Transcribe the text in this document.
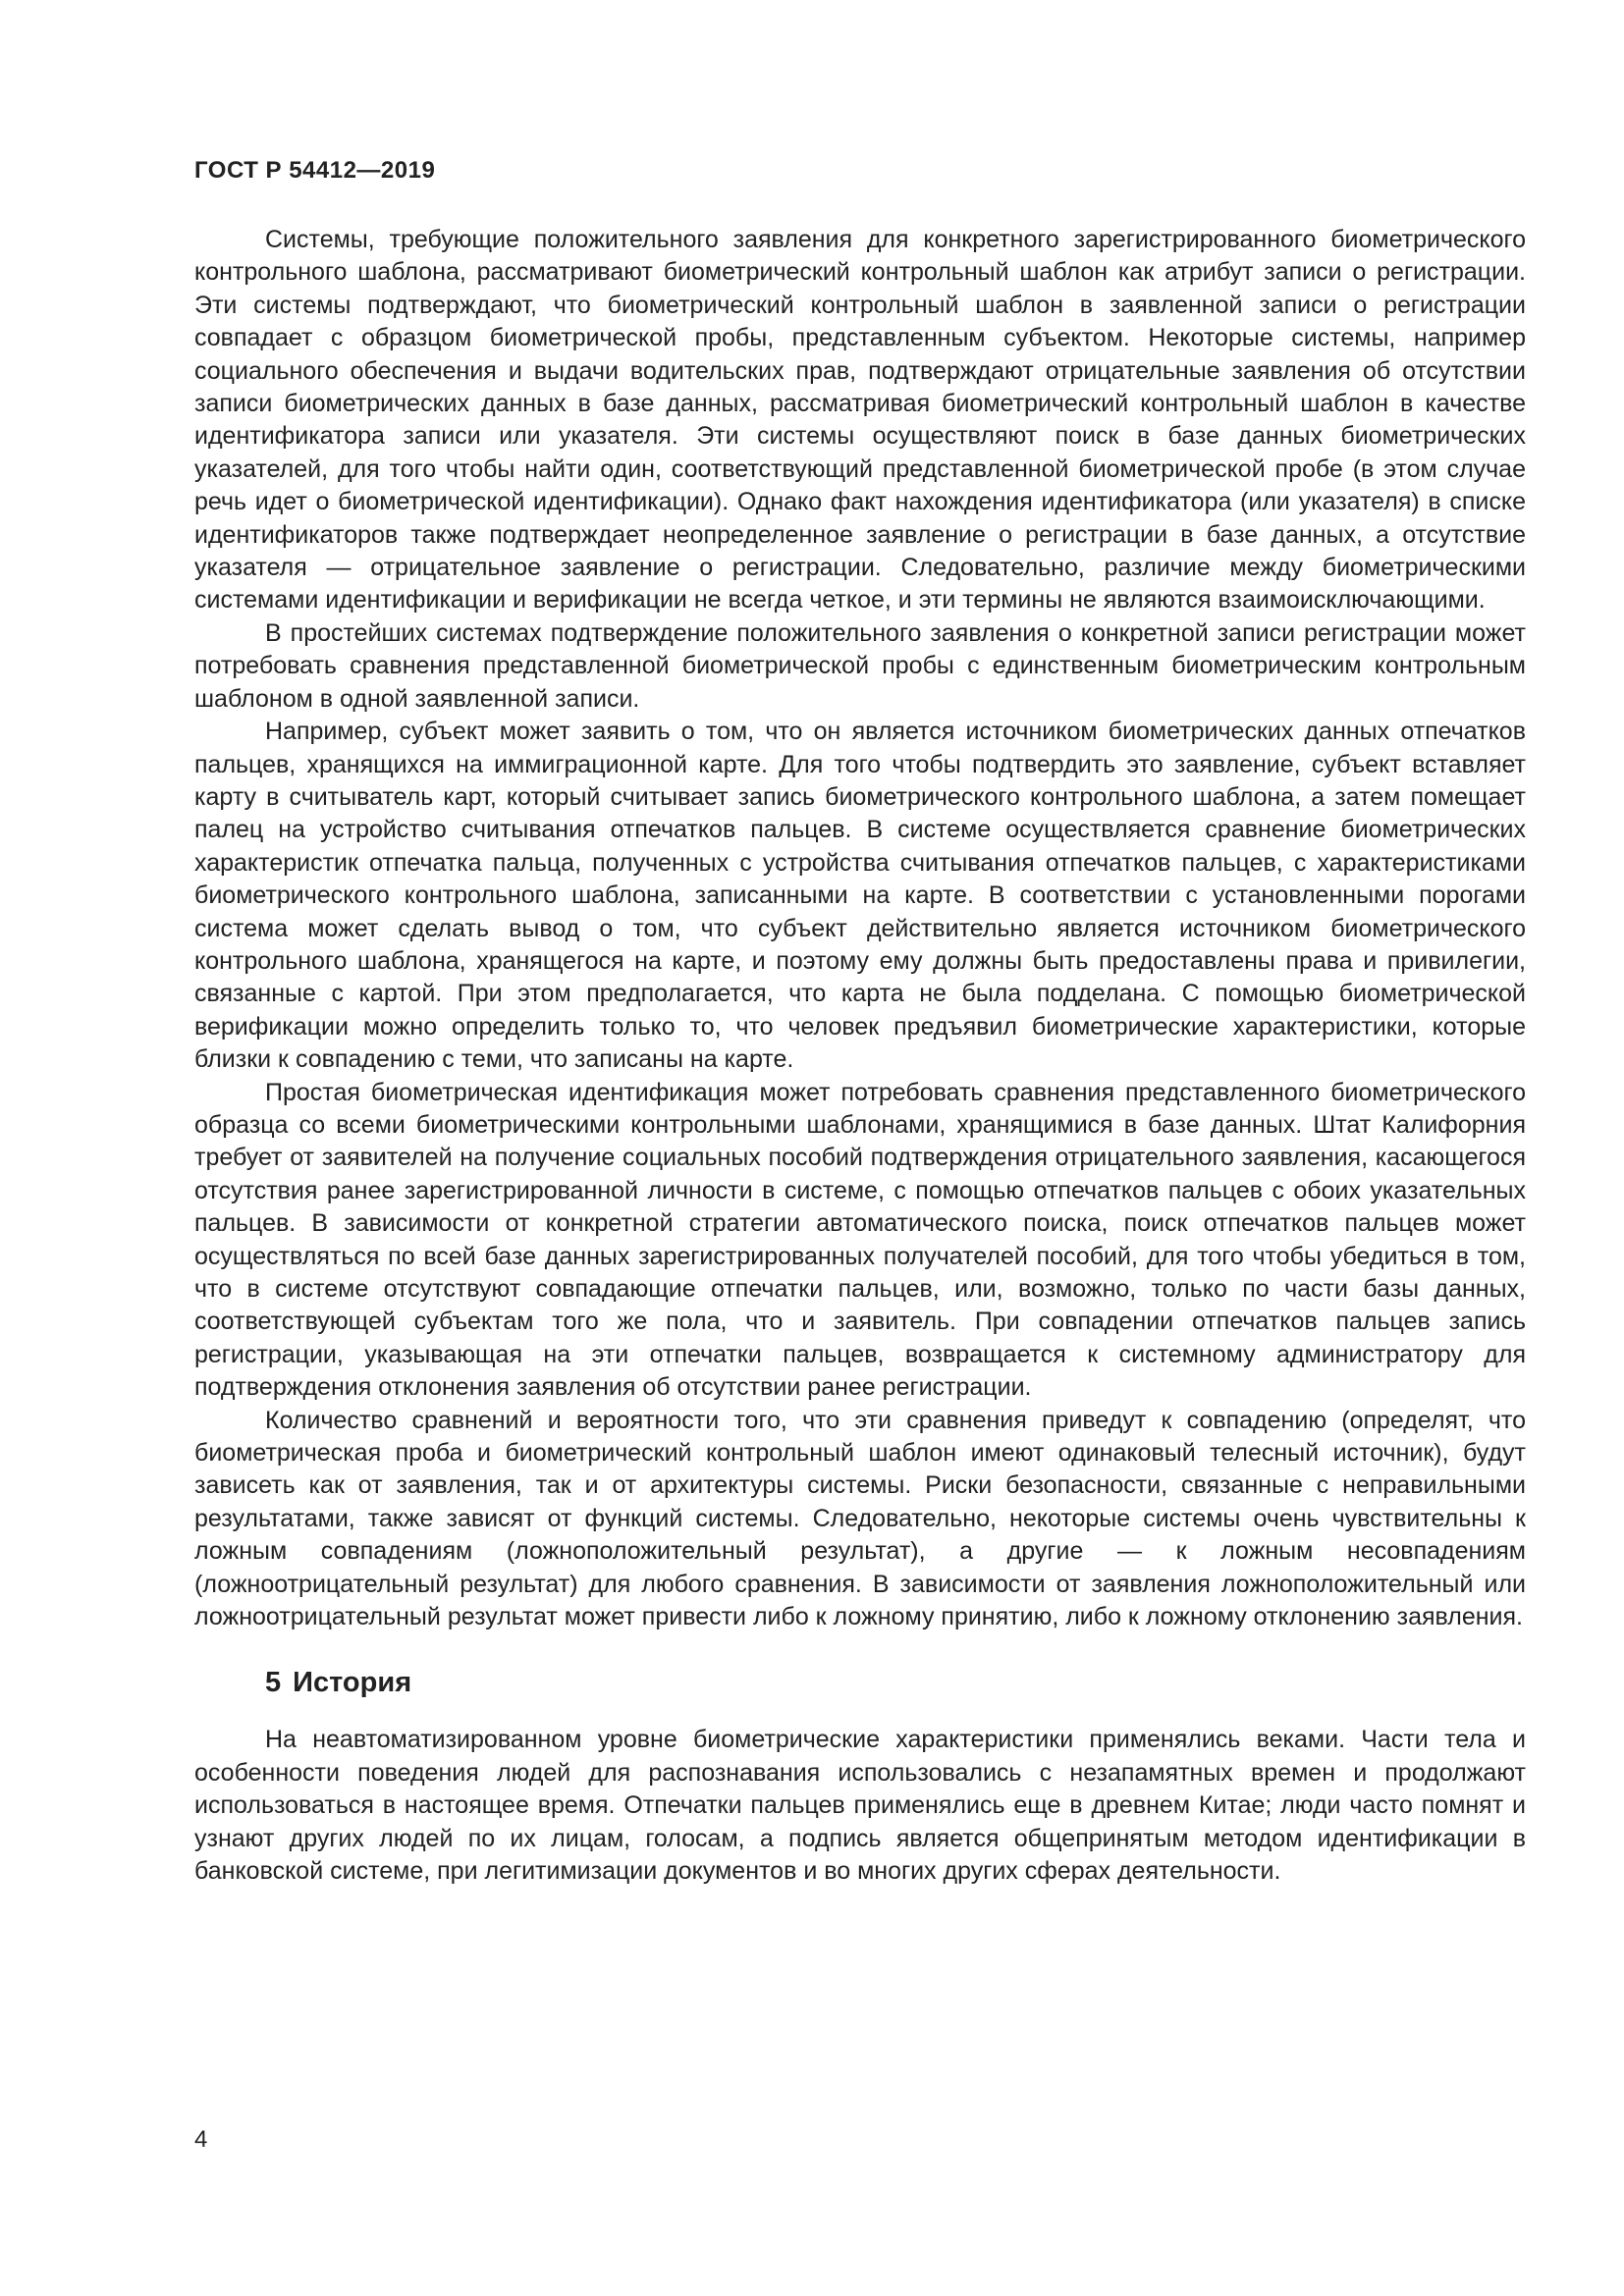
ГОСТ Р 54412—2019

Системы, требующие положительного заявления для конкретного зарегистрированного биометрического контрольного шаблона, рассматривают биометрический контрольный шаблон как атрибут записи о регистрации. Эти системы подтверждают, что биометрический контрольный шаблон в заявленной записи о регистрации совпадает с образцом биометрической пробы, представленным субъектом. Некоторые системы, например социального обеспечения и выдачи водительских прав, подтверждают отрицательные заявления об отсутствии записи биометрических данных в базе данных, рассматривая биометрический контрольный шаблон в качестве идентификатора записи или указателя. Эти системы осуществляют поиск в базе данных биометрических указателей, для того чтобы найти один, соответствующий представленной биометрической пробе (в этом случае речь идет о биометрической идентификации). Однако факт нахождения идентификатора (или указателя) в списке идентификаторов также подтверждает неопределенное заявление о регистрации в базе данных, а отсутствие указателя — отрицательное заявление о регистрации. Следовательно, различие между биометрическими системами идентификации и верификации не всегда четкое, и эти термины не являются взаимоисключающими.

В простейших системах подтверждение положительного заявления о конкретной записи регистрации может потребовать сравнения представленной биометрической пробы с единственным биометрическим контрольным шаблоном в одной заявленной записи.

Например, субъект может заявить о том, что он является источником биометрических данных отпечатков пальцев, хранящихся на иммиграционной карте. Для того чтобы подтвердить это заявление, субъект вставляет карту в считыватель карт, который считывает запись биометрического контрольного шаблона, а затем помещает палец на устройство считывания отпечатков пальцев. В системе осуществляется сравнение биометрических характеристик отпечатка пальца, полученных с устройства считывания отпечатков пальцев, с характеристиками биометрического контрольного шаблона, записанными на карте. В соответствии с установленными порогами система может сделать вывод о том, что субъект действительно является источником биометрического контрольного шаблона, хранящегося на карте, и поэтому ему должны быть предоставлены права и привилегии, связанные с картой. При этом предполагается, что карта не была подделана. С помощью биометрической верификации можно определить только то, что человек предъявил биометрические характеристики, которые близки к совпадению с теми, что записаны на карте.

Простая биометрическая идентификация может потребовать сравнения представленного биометрического образца со всеми биометрическими контрольными шаблонами, хранящимися в базе данных. Штат Калифорния требует от заявителей на получение социальных пособий подтверждения отрицательного заявления, касающегося отсутствия ранее зарегистрированной личности в системе, с помощью отпечатков пальцев с обоих указательных пальцев. В зависимости от конкретной стратегии автоматического поиска, поиск отпечатков пальцев может осуществляться по всей базе данных зарегистрированных получателей пособий, для того чтобы убедиться в том, что в системе отсутствуют совпадающие отпечатки пальцев, или, возможно, только по части базы данных, соответствующей субъектам того же пола, что и заявитель. При совпадении отпечатков пальцев запись регистрации, указывающая на эти отпечатки пальцев, возвращается к системному администратору для подтверждения отклонения заявления об отсутствии ранее регистрации.

Количество сравнений и вероятности того, что эти сравнения приведут к совпадению (определят, что биометрическая проба и биометрический контрольный шаблон имеют одинаковый телесный источник), будут зависеть как от заявления, так и от архитектуры системы. Риски безопасности, связанные с неправильными результатами, также зависят от функций системы. Следовательно, некоторые системы очень чувствительны к ложным совпадениям (ложноположительный результат), а другие — к ложным несовпадениям (ложноотрицательный результат) для любого сравнения. В зависимости от заявления ложноположительный или ложноотрицательный результат может привести либо к ложному принятию, либо к ложному отклонению заявления.

5 История

На неавтоматизированном уровне биометрические характеристики применялись веками. Части тела и особенности поведения людей для распознавания использовались с незапамятных времен и продолжают использоваться в настоящее время. Отпечатки пальцев применялись еще в древнем Китае; люди часто помнят и узнают других людей по их лицам, голосам, а подпись является общепринятым методом идентификации в банковской системе, при легитимизации документов и во многих других сферах деятельности.

4
